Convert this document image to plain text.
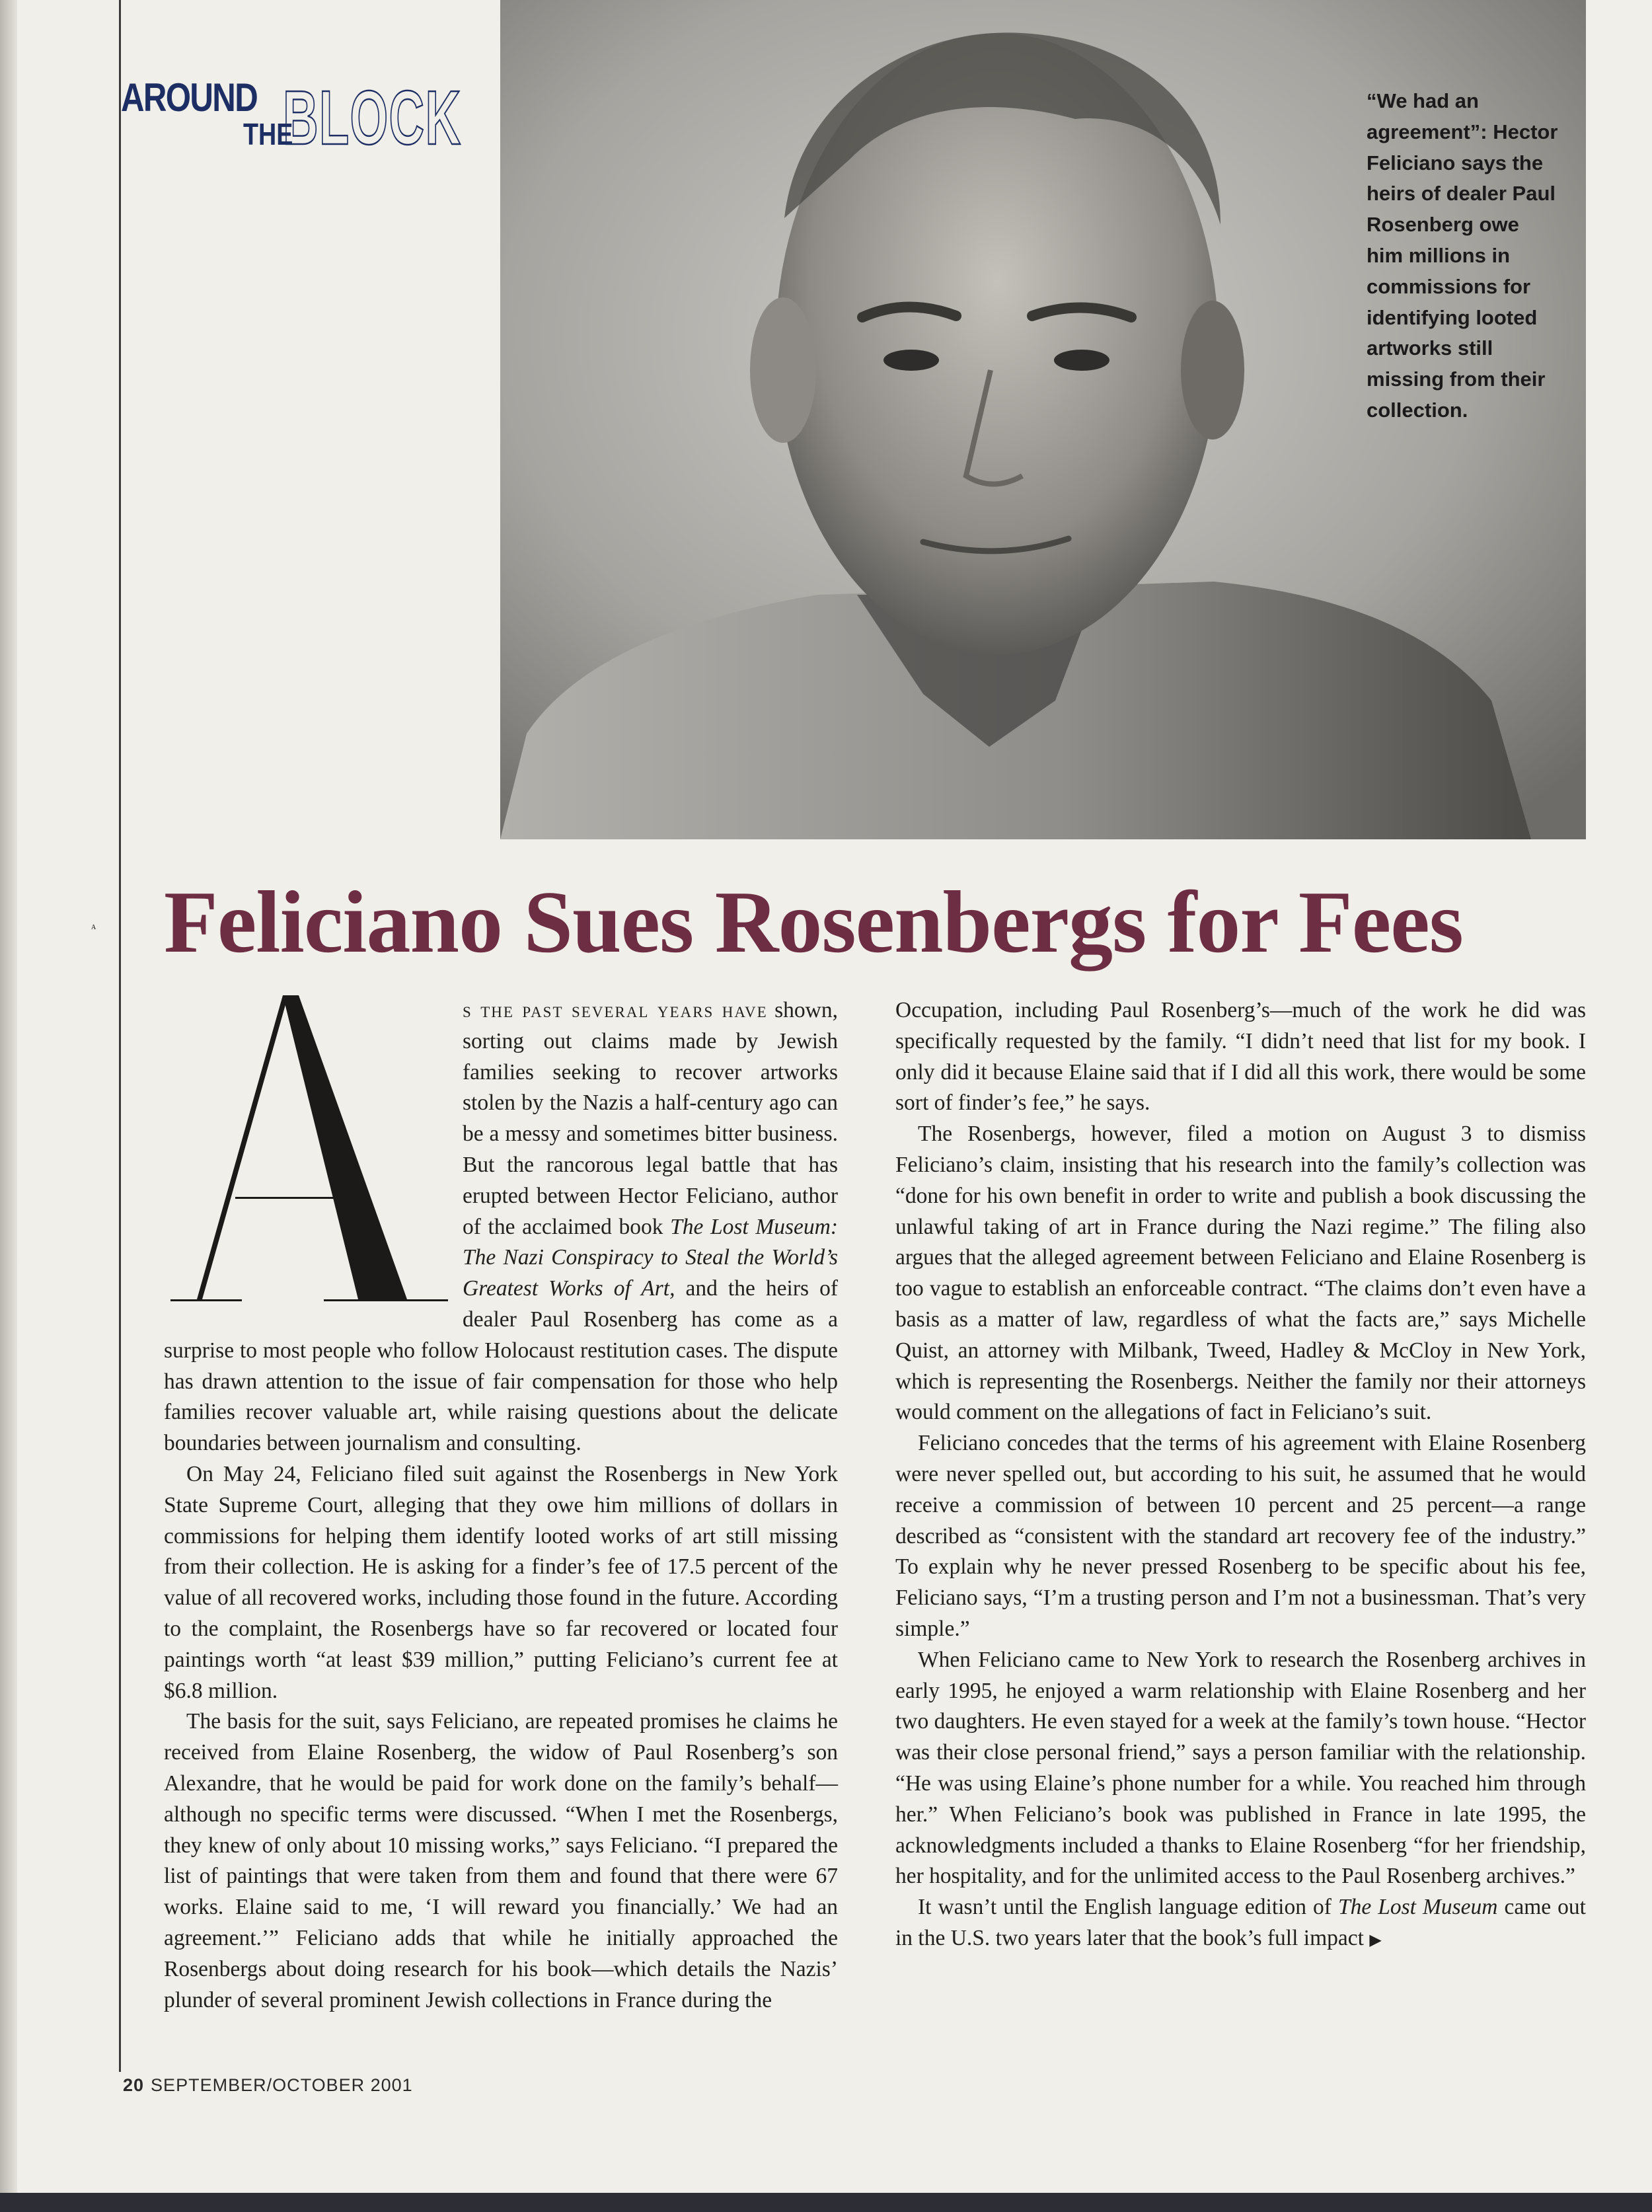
AROUND
THE
BLOCK	“We had an agreement”: Hector Feliciano says the heirs of dealer Paul Rosenberg owe him millions in commissions for identifying looted artworks still missing from their collection.
Feliciano Sues Rosenbergs for Fees
A

s the past several years have shown, sorting out claims made by Jewish families seeking to recover artworks stolen by the Nazis a half-century ago can be a messy and sometimes bitter business. But the rancorous legal battle that has erupted between Hector Feliciano, author of the acclaimed book The Lost Museum: The Nazi Conspiracy to Steal the World’s Greatest Works of Art, and the heirs of dealer Paul Rosenberg has come as a surprise to most people who follow Holocaust restitution cases. The dispute has drawn attention to the issue of fair compensation for those who help families recover valuable art, while raising questions about the delicate boundaries between journalism and consulting.

On May 24, Feliciano filed suit against the Rosenbergs in New York State Supreme Court, alleging that they owe him millions of dollars in commissions for helping them identify looted works of art still missing from their collection. He is asking for a finder’s fee of 17.5 percent of the value of all recovered works, including those found in the future. According to the complaint, the Rosenbergs have so far recovered or located four paintings worth “at least $39 million,” putting Feliciano’s current fee at $6.8 million.

The basis for the suit, says Feliciano, are repeated promises he claims he received from Elaine Rosenberg, the widow of Paul Rosenberg’s son Alexandre, that he would be paid for work done on the family’s behalf—although no specific terms were discussed. “When I met the Rosenbergs, they knew of only about 10 missing works,” says Feliciano. “I prepared the list of paintings that were taken from them and found that there were 67 works. Elaine said to me, ‘I will reward you financially.’ We had an agreement.’” Feliciano adds that while he initially approached the Rosenbergs about doing research for his book—which details the Nazis’ plunder of several prominent Jewish collections in France during the

Occupation, including Paul Rosenberg’s—much of the work he did was specifically requested by the family. “I didn’t need that list for my book. I only did it because Elaine said that if I did all this work, there would be some sort of finder’s fee,” he says.

The Rosenbergs, however, filed a motion on August 3 to dismiss Feliciano’s claim, insisting that his research into the family’s collection was “done for his own benefit in order to write and publish a book discussing the unlawful taking of art in France during the Nazi regime.” The filing also argues that the alleged agreement between Feliciano and Elaine Rosenberg is too vague to establish an enforceable contract. “The claims don’t even have a basis as a matter of law, regardless of what the facts are,” says Michelle Quist, an attorney with Milbank, Tweed, Hadley & McCloy in New York, which is representing the Rosenbergs. Neither the family nor their attorneys would comment on the allegations of fact in Feliciano’s suit.

Feliciano concedes that the terms of his agreement with Elaine Rosenberg were never spelled out, but according to his suit, he assumed that he would receive a commission of between 10 percent and 25 percent—a range described as “consistent with the standard art recovery fee of the industry.” To explain why he never pressed Rosenberg to be specific about his fee, Feliciano says, “I’m a trusting person and I’m not a businessman. That’s very simple.”

When Feliciano came to New York to research the Rosenberg archives in early 1995, he enjoyed a warm relationship with Elaine Rosenberg and her two daughters. He even stayed for a week at the family’s town house. “Hector was their close personal friend,” says a person familiar with the relationship. “He was using Elaine’s phone number for a while. You reached him through her.” When Feliciano’s book was published in France in late 1995, the acknowledgments included a thanks to Elaine Rosenberg “for her friendship, her hospitality, and for the unlimited access to the Paul Rosenberg archives.”

It wasn’t until the English language edition of The Lost Museum came out in the U.S. two years later that the book’s full impact ▶

20 SEPTEMBER/OCTOBER 2001
